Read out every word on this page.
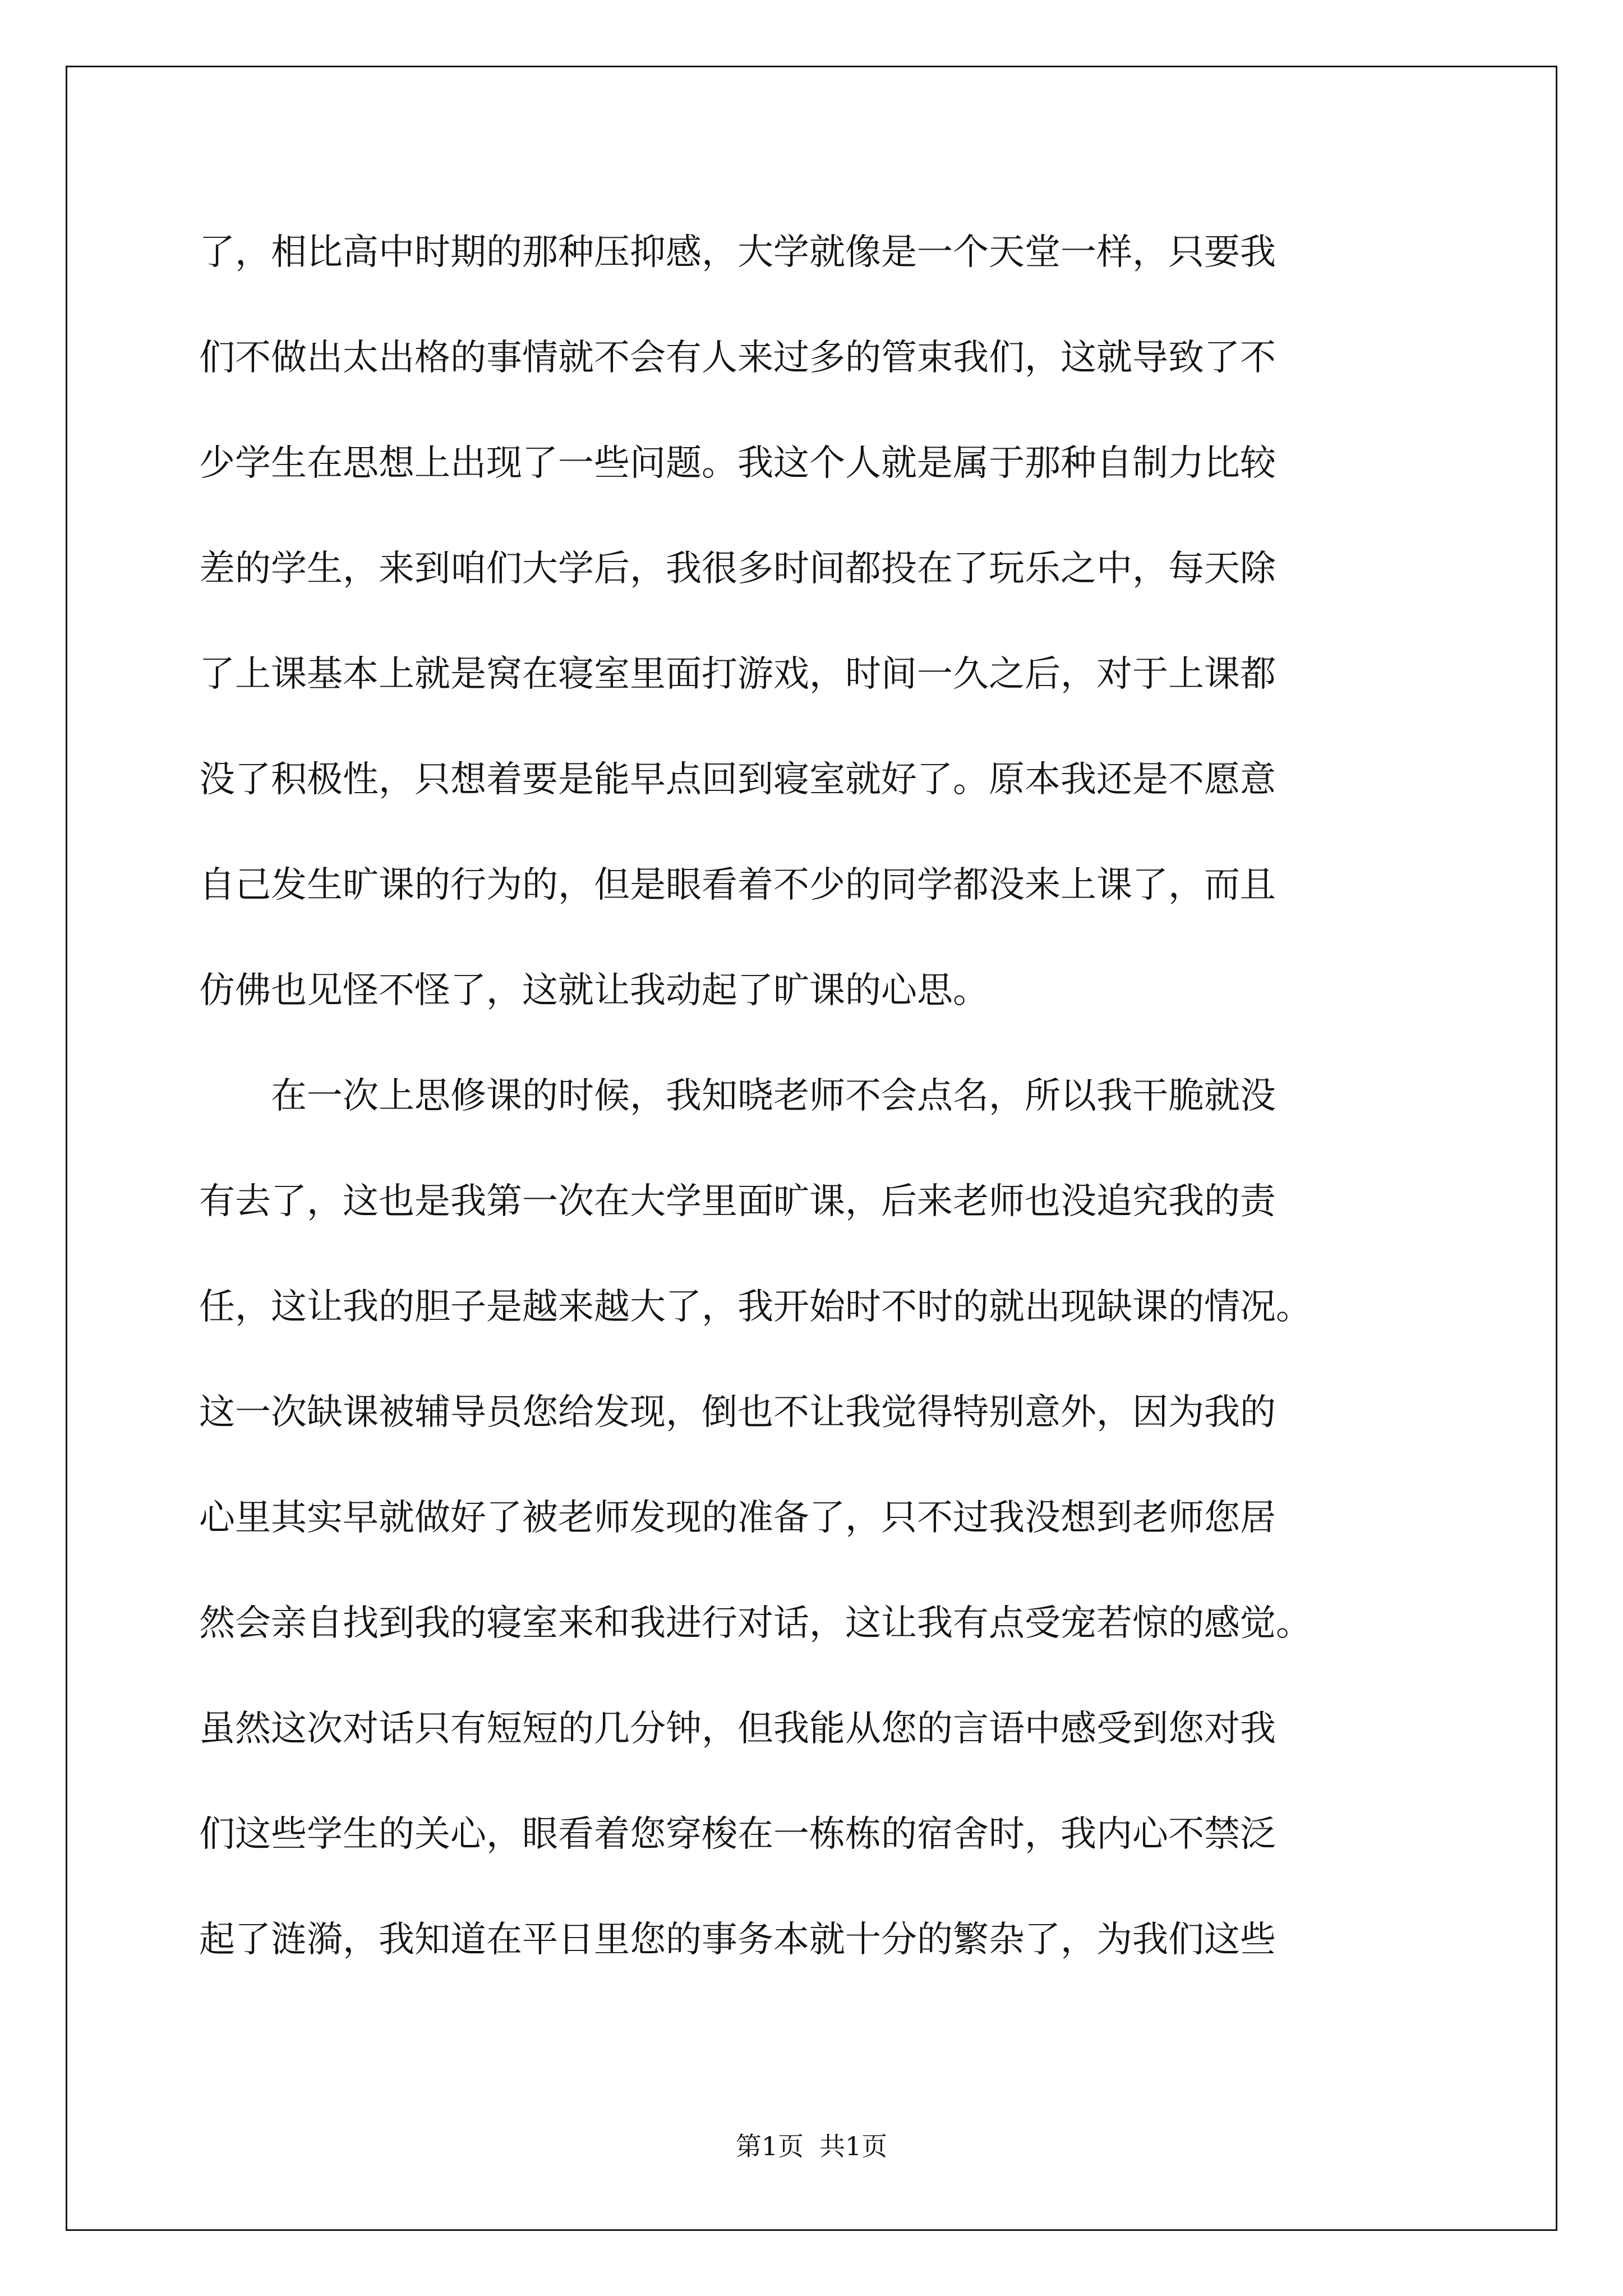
了，相比高中时期的那种压抑感，大学就像是一个天堂一样，只要我
们不做出太出格的事情就不会有人来过多的管束我们，这就导致了不
少学生在思想上出现了一些问题。我这个人就是属于那种自制力比较
差的学生，来到咱们大学后，我很多时间都投在了玩乐之中，每天除
了上课基本上就是窝在寝室里面打游戏，时间一久之后，对于上课都
没了积极性，只想着要是能早点回到寝室就好了。原本我还是不愿意
自己发生旷课的行为的，但是眼看着不少的同学都没来上课了，而且
仿佛也见怪不怪了，这就让我动起了旷课的心思。
　　在一次上思修课的时候，我知晓老师不会点名，所以我干脆就没
有去了，这也是我第一次在大学里面旷课，后来老师也没追究我的责
任，这让我的胆子是越来越大了，我开始时不时的就出现缺课的情况。
这一次缺课被辅导员您给发现，倒也不让我觉得特别意外，因为我的
心里其实早就做好了被老师发现的准备了，只不过我没想到老师您居
然会亲自找到我的寝室来和我进行对话，这让我有点受宠若惊的感觉。
虽然这次对话只有短短的几分钟，但我能从您的言语中感受到您对我
们这些学生的关心，眼看着您穿梭在一栋栋的宿舍时，我内心不禁泛
起了涟漪，我知道在平日里您的事务本就十分的繁杂了，为我们这些
第1页 共1页
